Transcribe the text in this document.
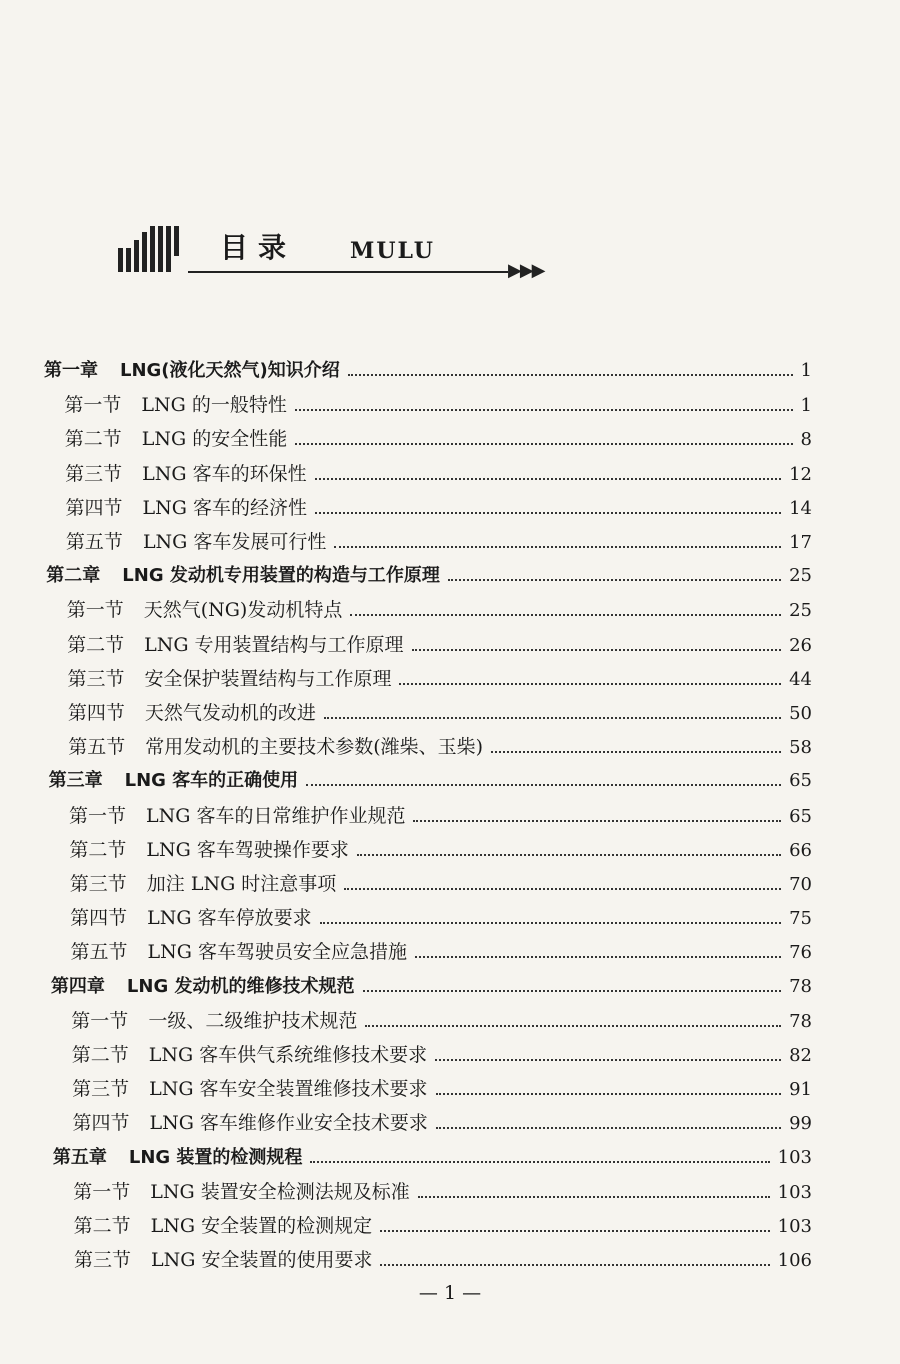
目录 MULU
▶▶▶
第一章 LNG(液化天然气)知识介绍	1
第一节 LNG 的一般特性	1
第二节 LNG 的安全性能	8
第三节 LNG 客车的环保性	12
第四节 LNG 客车的经济性	14
第五节 LNG 客车发展可行性	17
第二章 LNG 发动机专用装置的构造与工作原理	25
第一节 天然气(NG)发动机特点	25
第二节 LNG 专用装置结构与工作原理	26
第三节 安全保护装置结构与工作原理	44
第四节 天然气发动机的改进	50
第五节 常用发动机的主要技术参数(潍柴、玉柴)	58
第三章 LNG 客车的正确使用	65
第一节 LNG 客车的日常维护作业规范	65
第二节 LNG 客车驾驶操作要求	66
第三节 加注 LNG 时注意事项	70
第四节 LNG 客车停放要求	75
第五节 LNG 客车驾驶员安全应急措施	76
第四章 LNG 发动机的维修技术规范	78
第一节 一级、二级维护技术规范	78
第二节 LNG 客车供气系统维修技术要求	82
第三节 LNG 客车安全装置维修技术要求	91
第四节 LNG 客车维修作业安全技术要求	99
第五章 LNG 装置的检测规程	103
第一节 LNG 装置安全检测法规及标准	103
第二节 LNG 安全装置的检测规定	103
第三节 LNG 安全装置的使用要求	106
— 1 —
